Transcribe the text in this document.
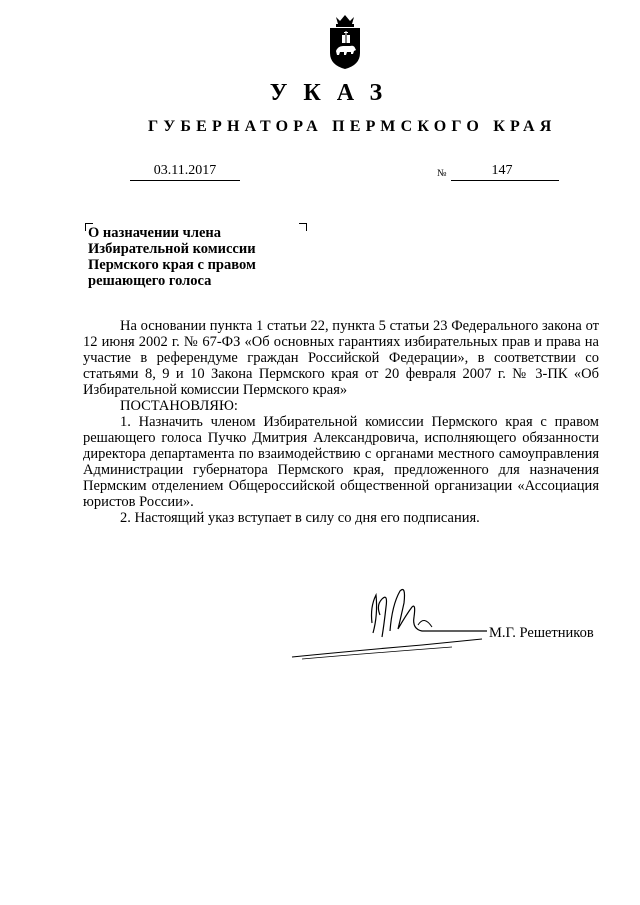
УКАЗ
ГУБЕРНАТОРА ПЕРМСКОГО КРАЯ
03.11.2017	№	147
О назначении члена
Избирательной комиссии
Пермского края с правом
решающего голоса

На основании пункта 1 статьи 22, пункта 5 статьи 23 Федерального закона от 12 июня 2002 г. № 67-ФЗ «Об основных гарантиях избирательных прав и права на участие в референдуме граждан Российской Федерации», в соответствии со статьями 8, 9 и 10 Закона Пермского края от 20 февраля 2007 г. № 3-ПК «Об Избирательной комиссии Пермского края»

ПОСТАНОВЛЯЮ:

1. Назначить членом Избирательной комиссии Пермского края с правом решающего голоса Пучко Дмитрия Александровича, исполняющего обязанности директора департамента по взаимодействию с органами местного самоуправления Администрации губернатора Пермского края, предложенного для назначения Пермским отделением Общероссийской общественной организации «Ассоциация юристов России».

2. Настоящий указ вступает в силу со дня его подписания.

М.Г. Решетников
